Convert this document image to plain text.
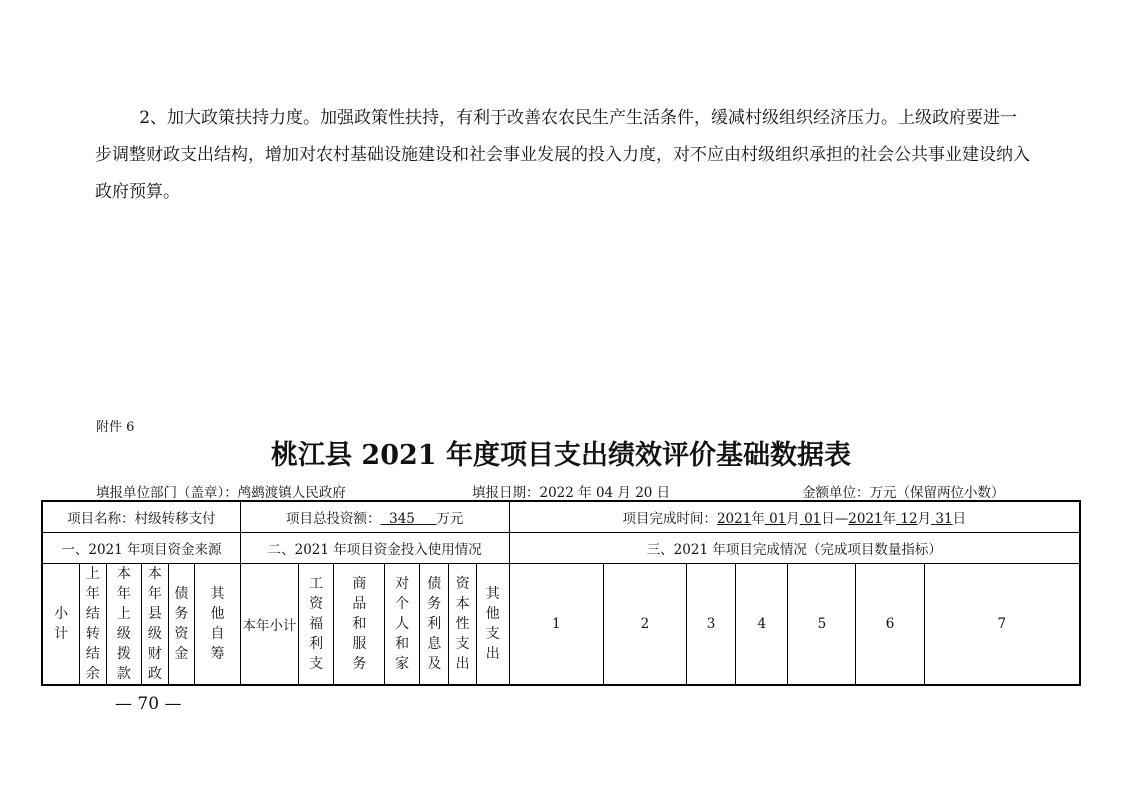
2、加大政策扶持力度。加强政策性扶持，有利于改善农农民生产生活条件，缓减村级组织经济压力。上级政府要进一步调整财政支出结构，增加对农村基础设施建设和社会事业发展的投入力度，对不应由村级组织承担的社会公共事业建设纳入政府预算。

附件 6
桃江县 2021 年度项目支出绩效评价基础数据表
填报单位部门（盖章）：鸬鹚渡镇人民政府	填报日期：2022 年 04 月 20 日	金额单位：万元（保留两位小数）
项目名称：村级转移支付						项目总投资额： 345 万元							项目完成时间：2021年 01月 01日—2021年 12月 31日						
一、2021 年项目资金来源						二、2021 年项目资金投入使用情况							三、2021 年项目完成情况（完成项目数量指标）						
小计	上年结转结余	本年上级拨款	本年县级财政	债务资金	其他自筹	本年小计	工资福利支	商品和服务	对个人和家	债务利息及	资本性支出	其他支出	1	2	3	4	5	6	7
— 70 —
